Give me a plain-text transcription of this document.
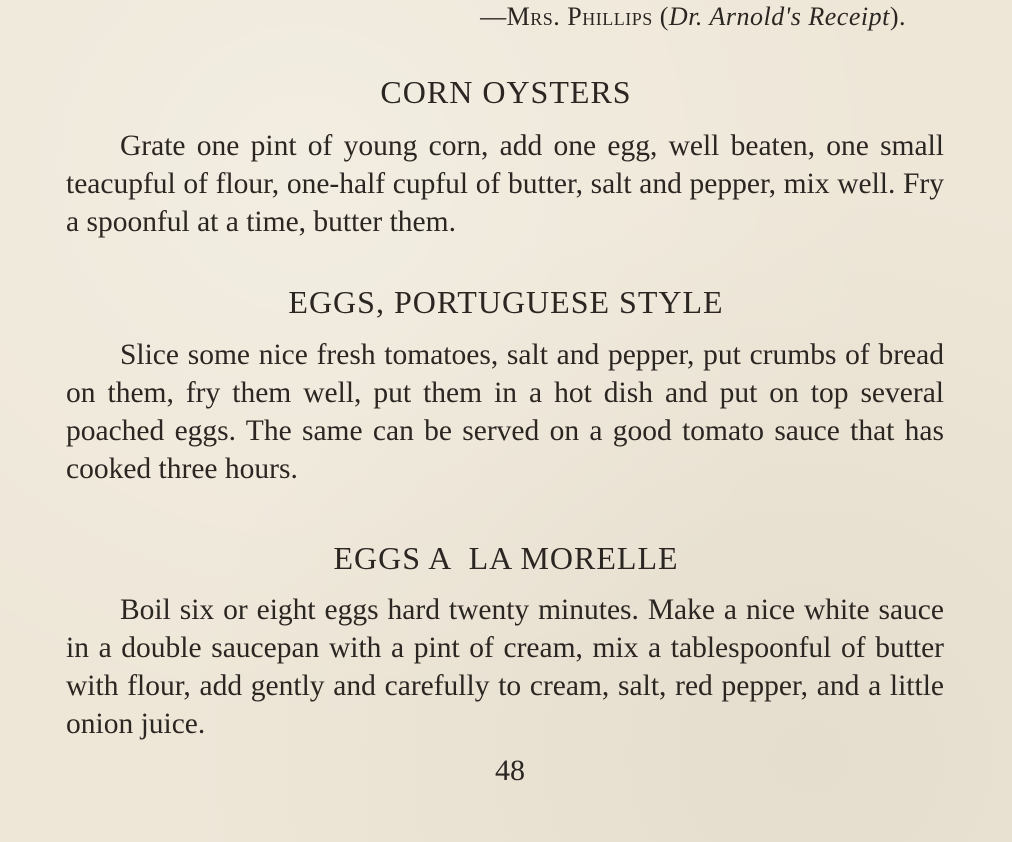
—Mrs. Phillips (Dr. Arnold's Receipt).
CORN OYSTERS

Grate one pint of young corn, add one egg, well beaten, one small teacupful of flour, one-half cupful of butter, salt and pepper, mix well. Fry a spoonful at a time, butter them.

EGGS, PORTUGUESE STYLE

Slice some nice fresh tomatoes, salt and pepper, put crumbs of bread on them, fry them well, put them in a hot dish and put on top several poached eggs. The same can be served on a good tomato sauce that has cooked three hours.

EGGS A  LA MORELLE

Boil six or eight eggs hard twenty minutes. Make a nice white sauce in a double saucepan with a pint of cream, mix a tablespoonful of butter with flour, add gently and carefully to cream, salt, red pepper, and a little onion juice.

48
